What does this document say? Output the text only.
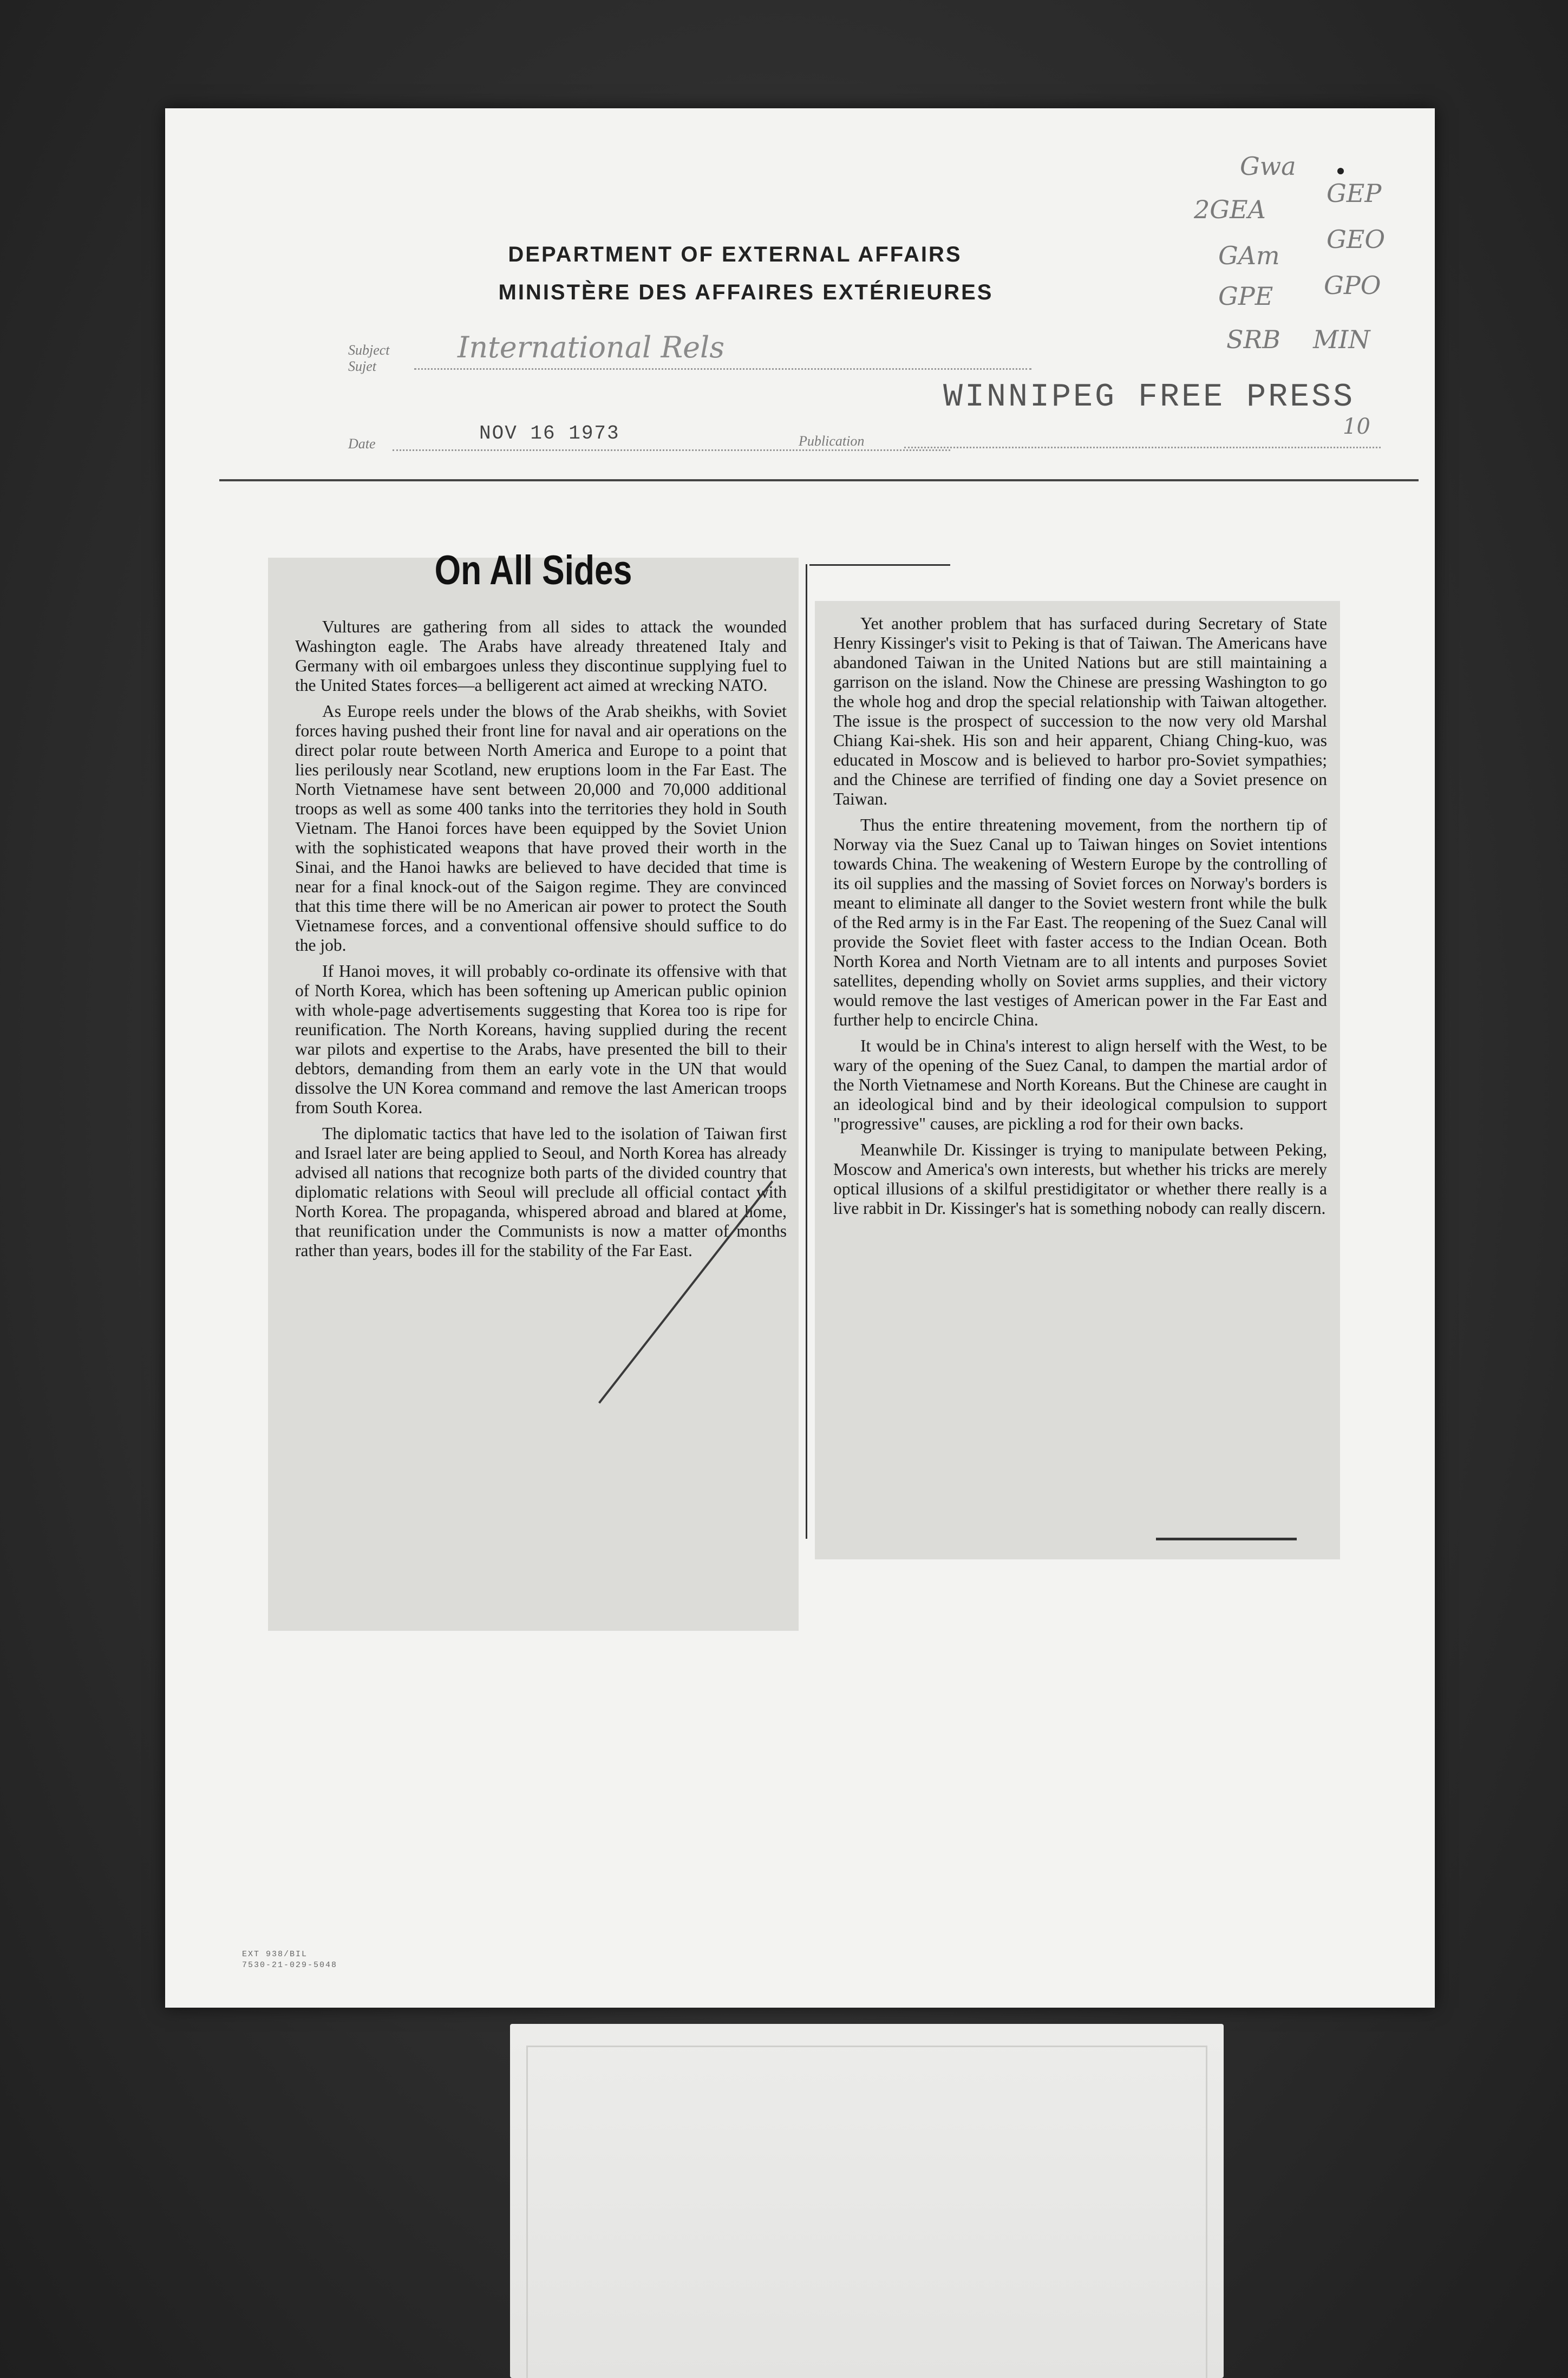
DEPARTMENT OF EXTERNAL AFFAIRS
MINISTÈRE DES AFFAIRES EXTÉRIEURES
Gwa
2GEA
GAm
GPE
SRB
GEP
GEO
GPO
MIN
Subject
Sujet
International Rels
Date	NOV 16 1973	Publication
WINNIPEG FREE PRESS
10
On All Sides

Vultures are gathering from all sides to attack the wounded Washington eagle. The Arabs have already threatened Italy and Germany with oil embargoes unless they discontinue supplying fuel to the United States forces—a belligerent act aimed at wrecking NATO.

As Europe reels under the blows of the Arab sheikhs, with Soviet forces having pushed their front line for naval and air operations on the direct polar route between North America and Europe to a point that lies perilously near Scotland, new eruptions loom in the Far East. The North Vietnamese have sent between 20,000 and 70,000 additional troops as well as some 400 tanks into the territories they hold in South Vietnam. The Hanoi forces have been equipped by the Soviet Union with the sophisticated weapons that have proved their worth in the Sinai, and the Hanoi hawks are believed to have decided that time is near for a final knock-out of the Saigon regime. They are convinced that this time there will be no American air power to protect the South Vietnamese forces, and a conventional offensive should suffice to do the job.

If Hanoi moves, it will probably co-ordinate its offensive with that of North Korea, which has been softening up American public opinion with whole-page advertisements suggesting that Korea too is ripe for reunification. The North Koreans, having supplied during the recent war pilots and expertise to the Arabs, have presented the bill to their debtors, demanding from them an early vote in the UN that would dissolve the UN Korea command and remove the last American troops from South Korea.

The diplomatic tactics that have led to the isolation of Taiwan first and Israel later are being applied to Seoul, and North Korea has already advised all nations that recognize both parts of the divided country that diplomatic relations with Seoul will preclude all official contact with North Korea. The propaganda, whispered abroad and blared at home, that reunification under the Communists is now a matter of months rather than years, bodes ill for the stability of the Far East.

Yet another problem that has surfaced during Secretary of State Henry Kissinger's visit to Peking is that of Taiwan. The Americans have abandoned Taiwan in the United Nations but are still maintaining a garrison on the island. Now the Chinese are pressing Washington to go the whole hog and drop the special relationship with Taiwan altogether. The issue is the prospect of succession to the now very old Marshal Chiang Kai-shek. His son and heir apparent, Chiang Ching-kuo, was educated in Moscow and is believed to harbor pro-Soviet sympathies; and the Chinese are terrified of finding one day a Soviet presence on Taiwan.

Thus the entire threatening movement, from the northern tip of Norway via the Suez Canal up to Taiwan hinges on Soviet intentions towards China. The weakening of Western Europe by the controlling of its oil supplies and the massing of Soviet forces on Norway's borders is meant to eliminate all danger to the Soviet western front while the bulk of the Red army is in the Far East. The reopening of the Suez Canal will provide the Soviet fleet with faster access to the Indian Ocean. Both North Korea and North Vietnam are to all intents and purposes Soviet satellites, depending wholly on Soviet arms supplies, and their victory would remove the last vestiges of American power in the Far East and further help to encircle China.

It would be in China's interest to align herself with the West, to be wary of the opening of the Suez Canal, to dampen the martial ardor of the North Vietnamese and North Koreans. But the Chinese are caught in an ideological bind and by their ideological compulsion to support "progressive" causes, are pickling a rod for their own backs.

Meanwhile Dr. Kissinger is trying to manipulate between Peking, Moscow and America's own interests, but whether his tricks are merely optical illusions of a skilful prestidigitator or whether there really is a live rabbit in Dr. Kissinger's hat is something nobody can really discern.

EXT 938/BIL
7530-21-029-5048
